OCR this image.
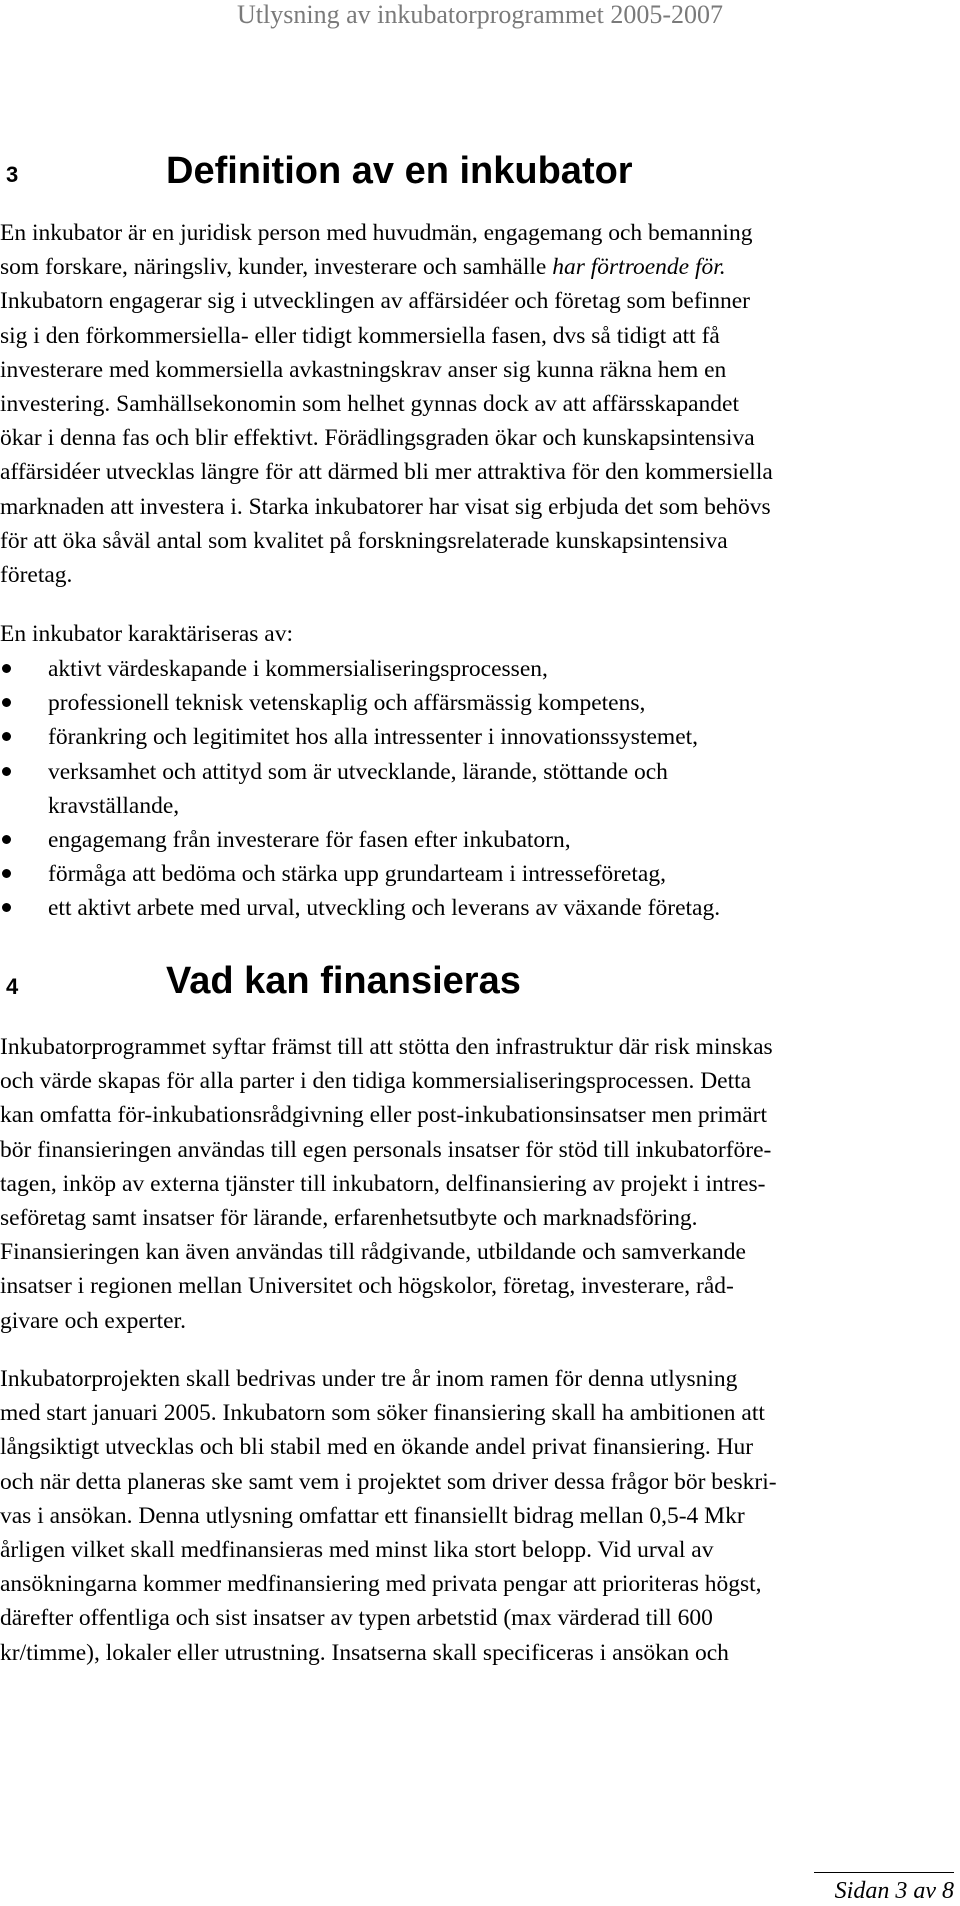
Utlysning av inkubatorprogrammet 2005-2007
3	Definition av en inkubator
En inkubator är en juridisk person med huvudmän, engagemang och bemanning
som forskare, näringsliv, kunder, investerare och samhälle har förtroende för.
Inkubatorn engagerar sig i utvecklingen av affärsidéer och företag som befinner
sig i den förkommersiella- eller tidigt kommersiella fasen, dvs så tidigt att få
investerare med kommersiella avkastningskrav anser sig kunna räkna hem en
investering. Samhällsekonomin som helhet gynnas dock av att affärsskapandet
ökar i denna fas och blir effektivt. Förädlingsgraden ökar och kunskapsintensiva
affärsidéer utvecklas längre för att därmed bli mer attraktiva för den kommersiella
marknaden att investera i. Starka inkubatorer har visat sig erbjuda det som behövs
för att öka såväl antal som kvalitet på forskningsrelaterade kunskapsintensiva
företag.
En inkubator karaktäriseras av:
aktivt värdeskapande i kommersialiseringsprocessen,
professionell teknisk vetenskaplig och affärsmässig kompetens,
förankring och legitimitet hos alla intressenter i innovationssystemet,
verksamhet och attityd som är utvecklande, lärande, stöttande och
kravställande,
engagemang från investerare för fasen efter inkubatorn,
förmåga att bedöma och stärka upp grundarteam i intresseföretag,
ett aktivt arbete med urval, utveckling och leverans av växande företag.
4	Vad kan finansieras
Inkubatorprogrammet syftar främst till att stötta den infrastruktur där risk minskas
och värde skapas för alla parter i den tidiga kommersialiseringsprocessen. Detta
kan omfatta för-inkubationsrådgivning eller post-inkubationsinsatser men primärt
bör finansieringen användas till egen personals insatser för stöd till inkubatorföre-
tagen, inköp av externa tjänster till inkubatorn, delfinansiering av projekt i intres-
seföretag samt insatser för lärande, erfarenhetsutbyte och marknadsföring.
Finansieringen kan även användas till rådgivande, utbildande och samverkande
insatser i regionen mellan Universitet och högskolor, företag, investerare, råd-
givare och experter.
Inkubatorprojekten skall bedrivas under tre år inom ramen för denna utlysning
med start januari 2005. Inkubatorn som söker finansiering skall ha ambitionen att
långsiktigt utvecklas och bli stabil med en ökande andel privat finansiering. Hur
och när detta planeras ske samt vem i projektet som driver dessa frågor bör beskri-
vas i ansökan. Denna utlysning omfattar ett finansiellt bidrag mellan 0,5-4 Mkr
årligen vilket skall medfinansieras med minst lika stort belopp. Vid urval av
ansökningarna kommer medfinansiering med privata pengar att prioriteras högst,
därefter offentliga och sist insatser av typen arbetstid (max värderad till 600
kr/timme), lokaler eller utrustning. Insatserna skall specificeras i ansökan och
Sidan 3 av 8
